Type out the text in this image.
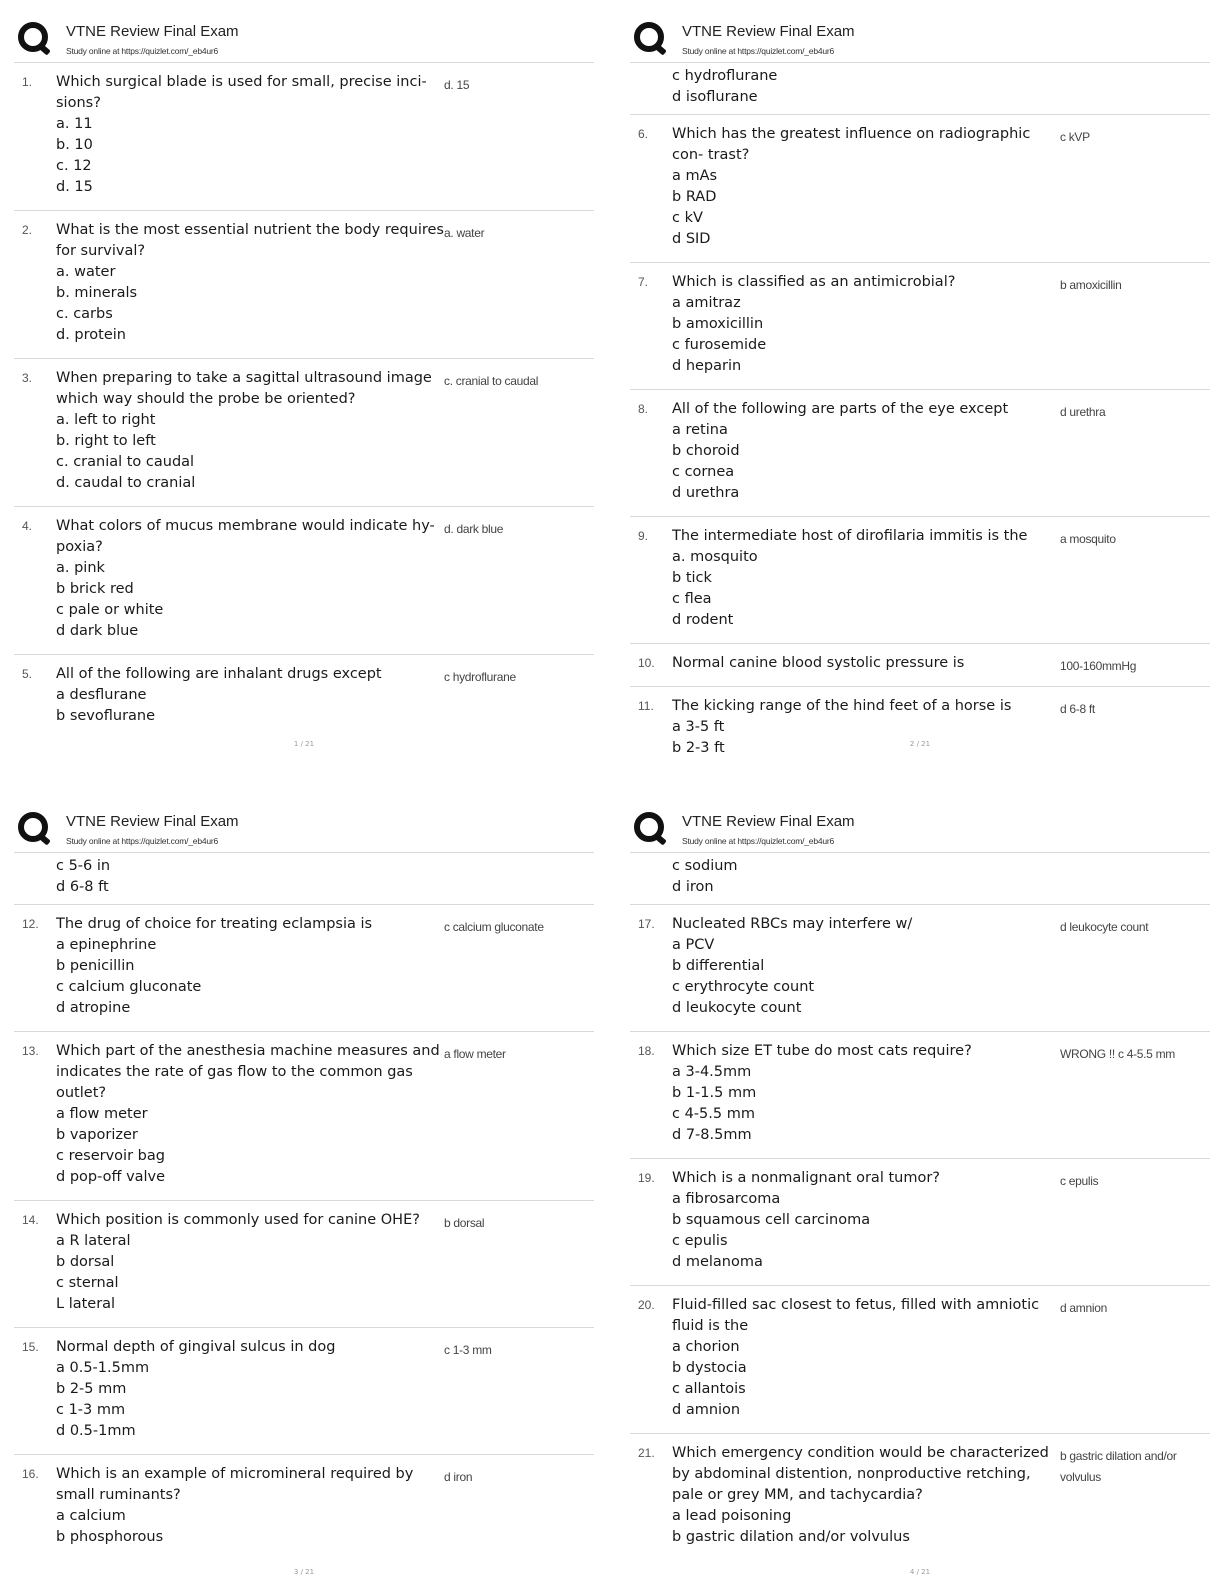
VTNE Review Final Exam
Study online at https://quizlet.com/_eb4ur6
1. Which surgical blade is used for small, precise inci- sions?
a. 11
b. 10
c. 12
d. 15
d. 15
2. What is the most essential nutrient the body requires for survival?
a. water
b. minerals
c. carbs
d. protein
a. water
3. When preparing to take a sagittal ultrasound image which way should the probe be oriented?
a. left to right
b. right to left
c. cranial to caudal
d. caudal to cranial
c. cranial to caudal
4. What colors of mucus membrane would indicate hy- poxia?
a. pink
b brick red
c pale or white
d dark blue
d. dark blue
5. All of the following are inhalant drugs except
a desflurane
b sevoflurane
c hydroflurane
1 / 21
VTNE Review Final Exam
Study online at https://quizlet.com/_eb4ur6
c hydroflurane
d isoflurane
6. Which has the greatest influence on radiographic con- trast?
a mAs
b RAD
c kV
d SID
c kVP
7. Which is classified as an antimicrobial?
a amitraz
b amoxicillin
c furosemide
d heparin
b amoxicillin
8. All of the following are parts of the eye except
a retina
b choroid
c cornea
d urethra
d urethra
9. The intermediate host of dirofilaria immitis is the
a. mosquito
b tick
c flea
d rodent
a mosquito
10. Normal canine blood systolic pressure is	100-160mmHg
11. The kicking range of the hind feet of a horse is
a 3-5 ft
b 2-3 ft
d 6-8 ft
2 / 21
VTNE Review Final Exam
Study online at https://quizlet.com/_eb4ur6
c 5-6 in
d 6-8 ft
12. The drug of choice for treating eclampsia is
a epinephrine
b penicillin
c calcium gluconate
d atropine
c calcium gluconate
13. Which part of the anesthesia machine measures and indicates the rate of gas flow to the common gas outlet?
a flow meter
b vaporizer
c reservoir bag
d pop-off valve
a flow meter
14. Which position is commonly used for canine OHE?
a R lateral
b dorsal
c sternal
L lateral
b dorsal
15. Normal depth of gingival sulcus in dog
a 0.5-1.5mm
b 2-5 mm
c 1-3 mm
d 0.5-1mm
c 1-3 mm
16. Which is an example of micromineral required by small ruminants?
a calcium
b phosphorous
d iron
3 / 21
VTNE Review Final Exam
Study online at https://quizlet.com/_eb4ur6
c sodium
d iron
17. Nucleated RBCs may interfere w/
a PCV
b differential
c erythrocyte count
d leukocyte count
d leukocyte count
18. Which size ET tube do most cats require?
a 3-4.5mm
b 1-1.5 mm
c 4-5.5 mm
d 7-8.5mm
WRONG !! c 4-5.5 mm
19. Which is a nonmalignant oral tumor?
a fibrosarcoma
b squamous cell carcinoma
c epulis
d melanoma
c epulis
20. Fluid-filled sac closest to fetus, filled with amniotic fluid is the
a chorion
b dystocia
c allantois
d amnion
d amnion
21. Which emergency condition would be characterized by abdominal distention, nonproductive retching, pale or grey MM, and tachycardia?
a lead poisoning
b gastric dilation and/or volvulus
b gastric dilation and/or volvulus
4 / 21
